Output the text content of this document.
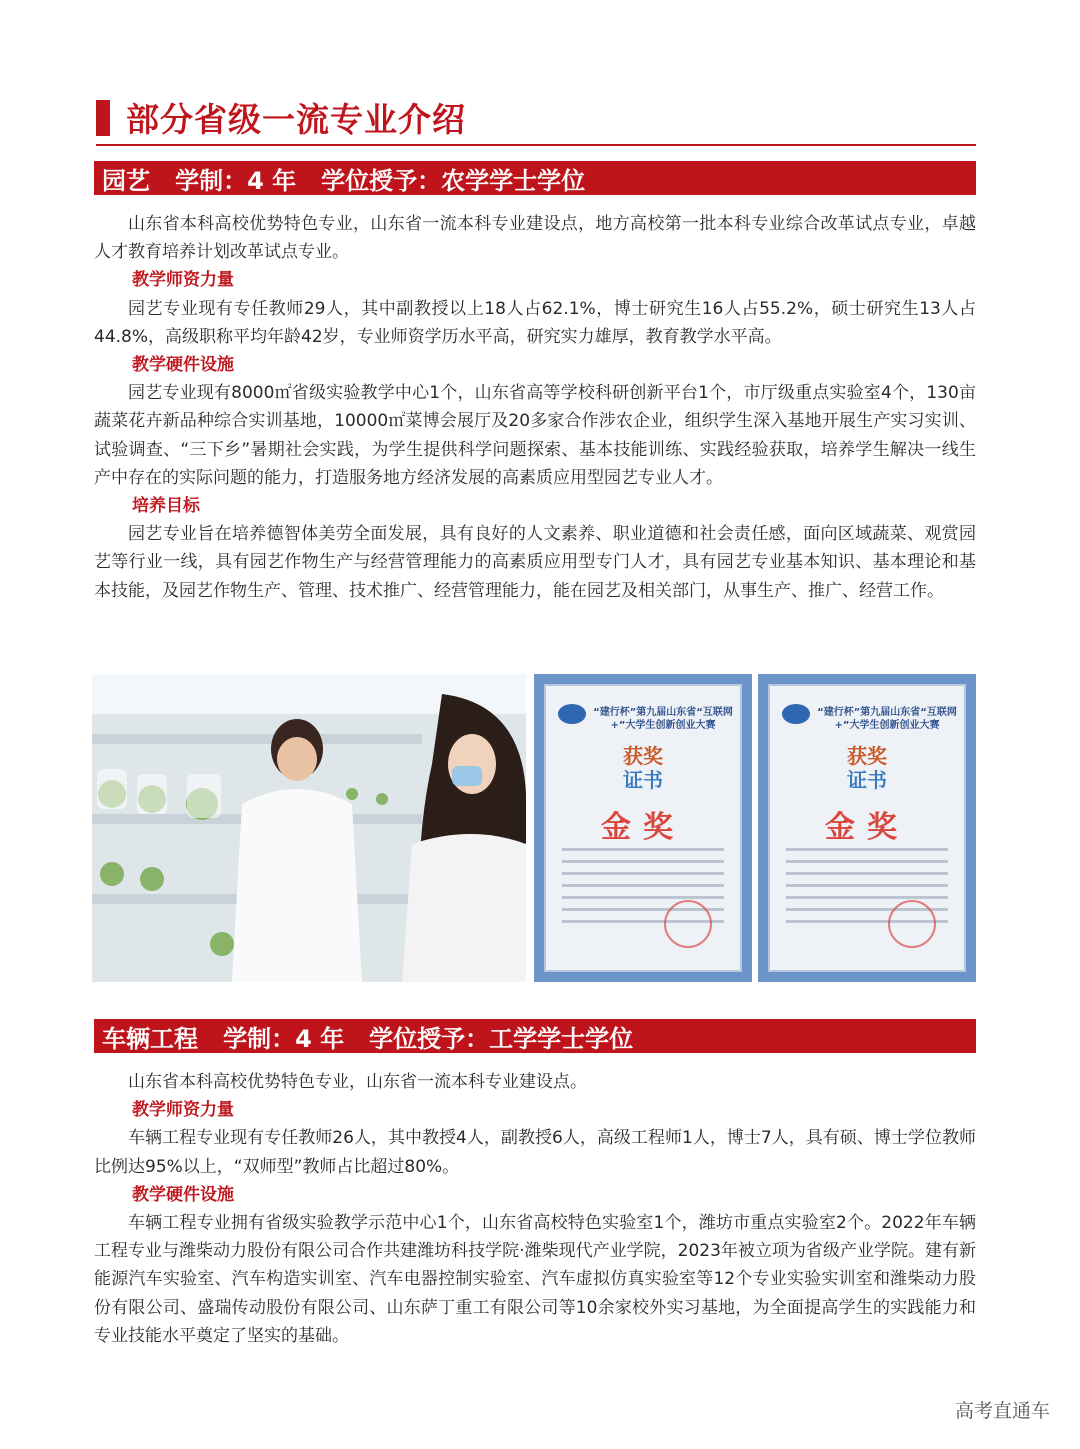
部分省级一流专业介绍
园艺   学制：4 年   学位授予：农学学士学位

山东省本科高校优势特色专业，山东省一流本科专业建设点，地方高校第一批本科专业综合改革试点专业，卓越人才教育培养计划改革试点专业。

教学师资力量

园艺专业现有专任教师29人，其中副教授以上18人占62.1%，博士研究生16人占55.2%，硕士研究生13人占44.8%，高级职称平均年龄42岁，专业师资学历水平高，研究实力雄厚，教育教学水平高。

教学硬件设施

园艺专业现有8000㎡省级实验教学中心1个，山东省高等学校科研创新平台1个，市厅级重点实验室4个，130亩蔬菜花卉新品种综合实训基地，10000㎡菜博会展厅及20多家合作涉农企业，组织学生深入基地开展生产实习实训、试验调查、“三下乡”暑期社会实践，为学生提供科学问题探索、基本技能训练、实践经验获取，培养学生解决一线生产中存在的实际问题的能力，打造服务地方经济发展的高素质应用型园艺专业人才。

培养目标

园艺专业旨在培养德智体美劳全面发展，具有良好的人文素养、职业道德和社会责任感，面向区域蔬菜、观赏园艺等行业一线，具有园艺作物生产与经营管理能力的高素质应用型专门人才，具有园艺专业基本知识、基本理论和基本技能，及园艺作物生产、管理、技术推广、经营管理能力，能在园艺及相关部门，从事生产、推广、经营工作。

“建行杯”第九届山东省“互联网+”大学生创新创业大赛
获奖
证书
金奖
“建行杯”第九届山东省“互联网+”大学生创新创业大赛
获奖
证书
金奖
车辆工程   学制：4 年   学位授予：工学学士学位

山东省本科高校优势特色专业，山东省一流本科专业建设点。

教学师资力量

车辆工程专业现有专任教师26人，其中教授4人，副教授6人，高级工程师1人，博士7人，具有硕、博士学位教师比例达95%以上，“双师型”教师占比超过80%。

教学硬件设施

车辆工程专业拥有省级实验教学示范中心1个，山东省高校特色实验室1个，潍坊市重点实验室2个。2022年车辆工程专业与潍柴动力股份有限公司合作共建潍坊科技学院·潍柴现代产业学院，2023年被立项为省级产业学院。建有新能源汽车实验室、汽车构造实训室、汽车电器控制实验室、汽车虚拟仿真实验室等12个专业实验实训室和潍柴动力股份有限公司、盛瑞传动股份有限公司、山东萨丁重工有限公司等10余家校外实习基地，为全面提高学生的实践能力和专业技能水平奠定了坚实的基础。

高考直通车
